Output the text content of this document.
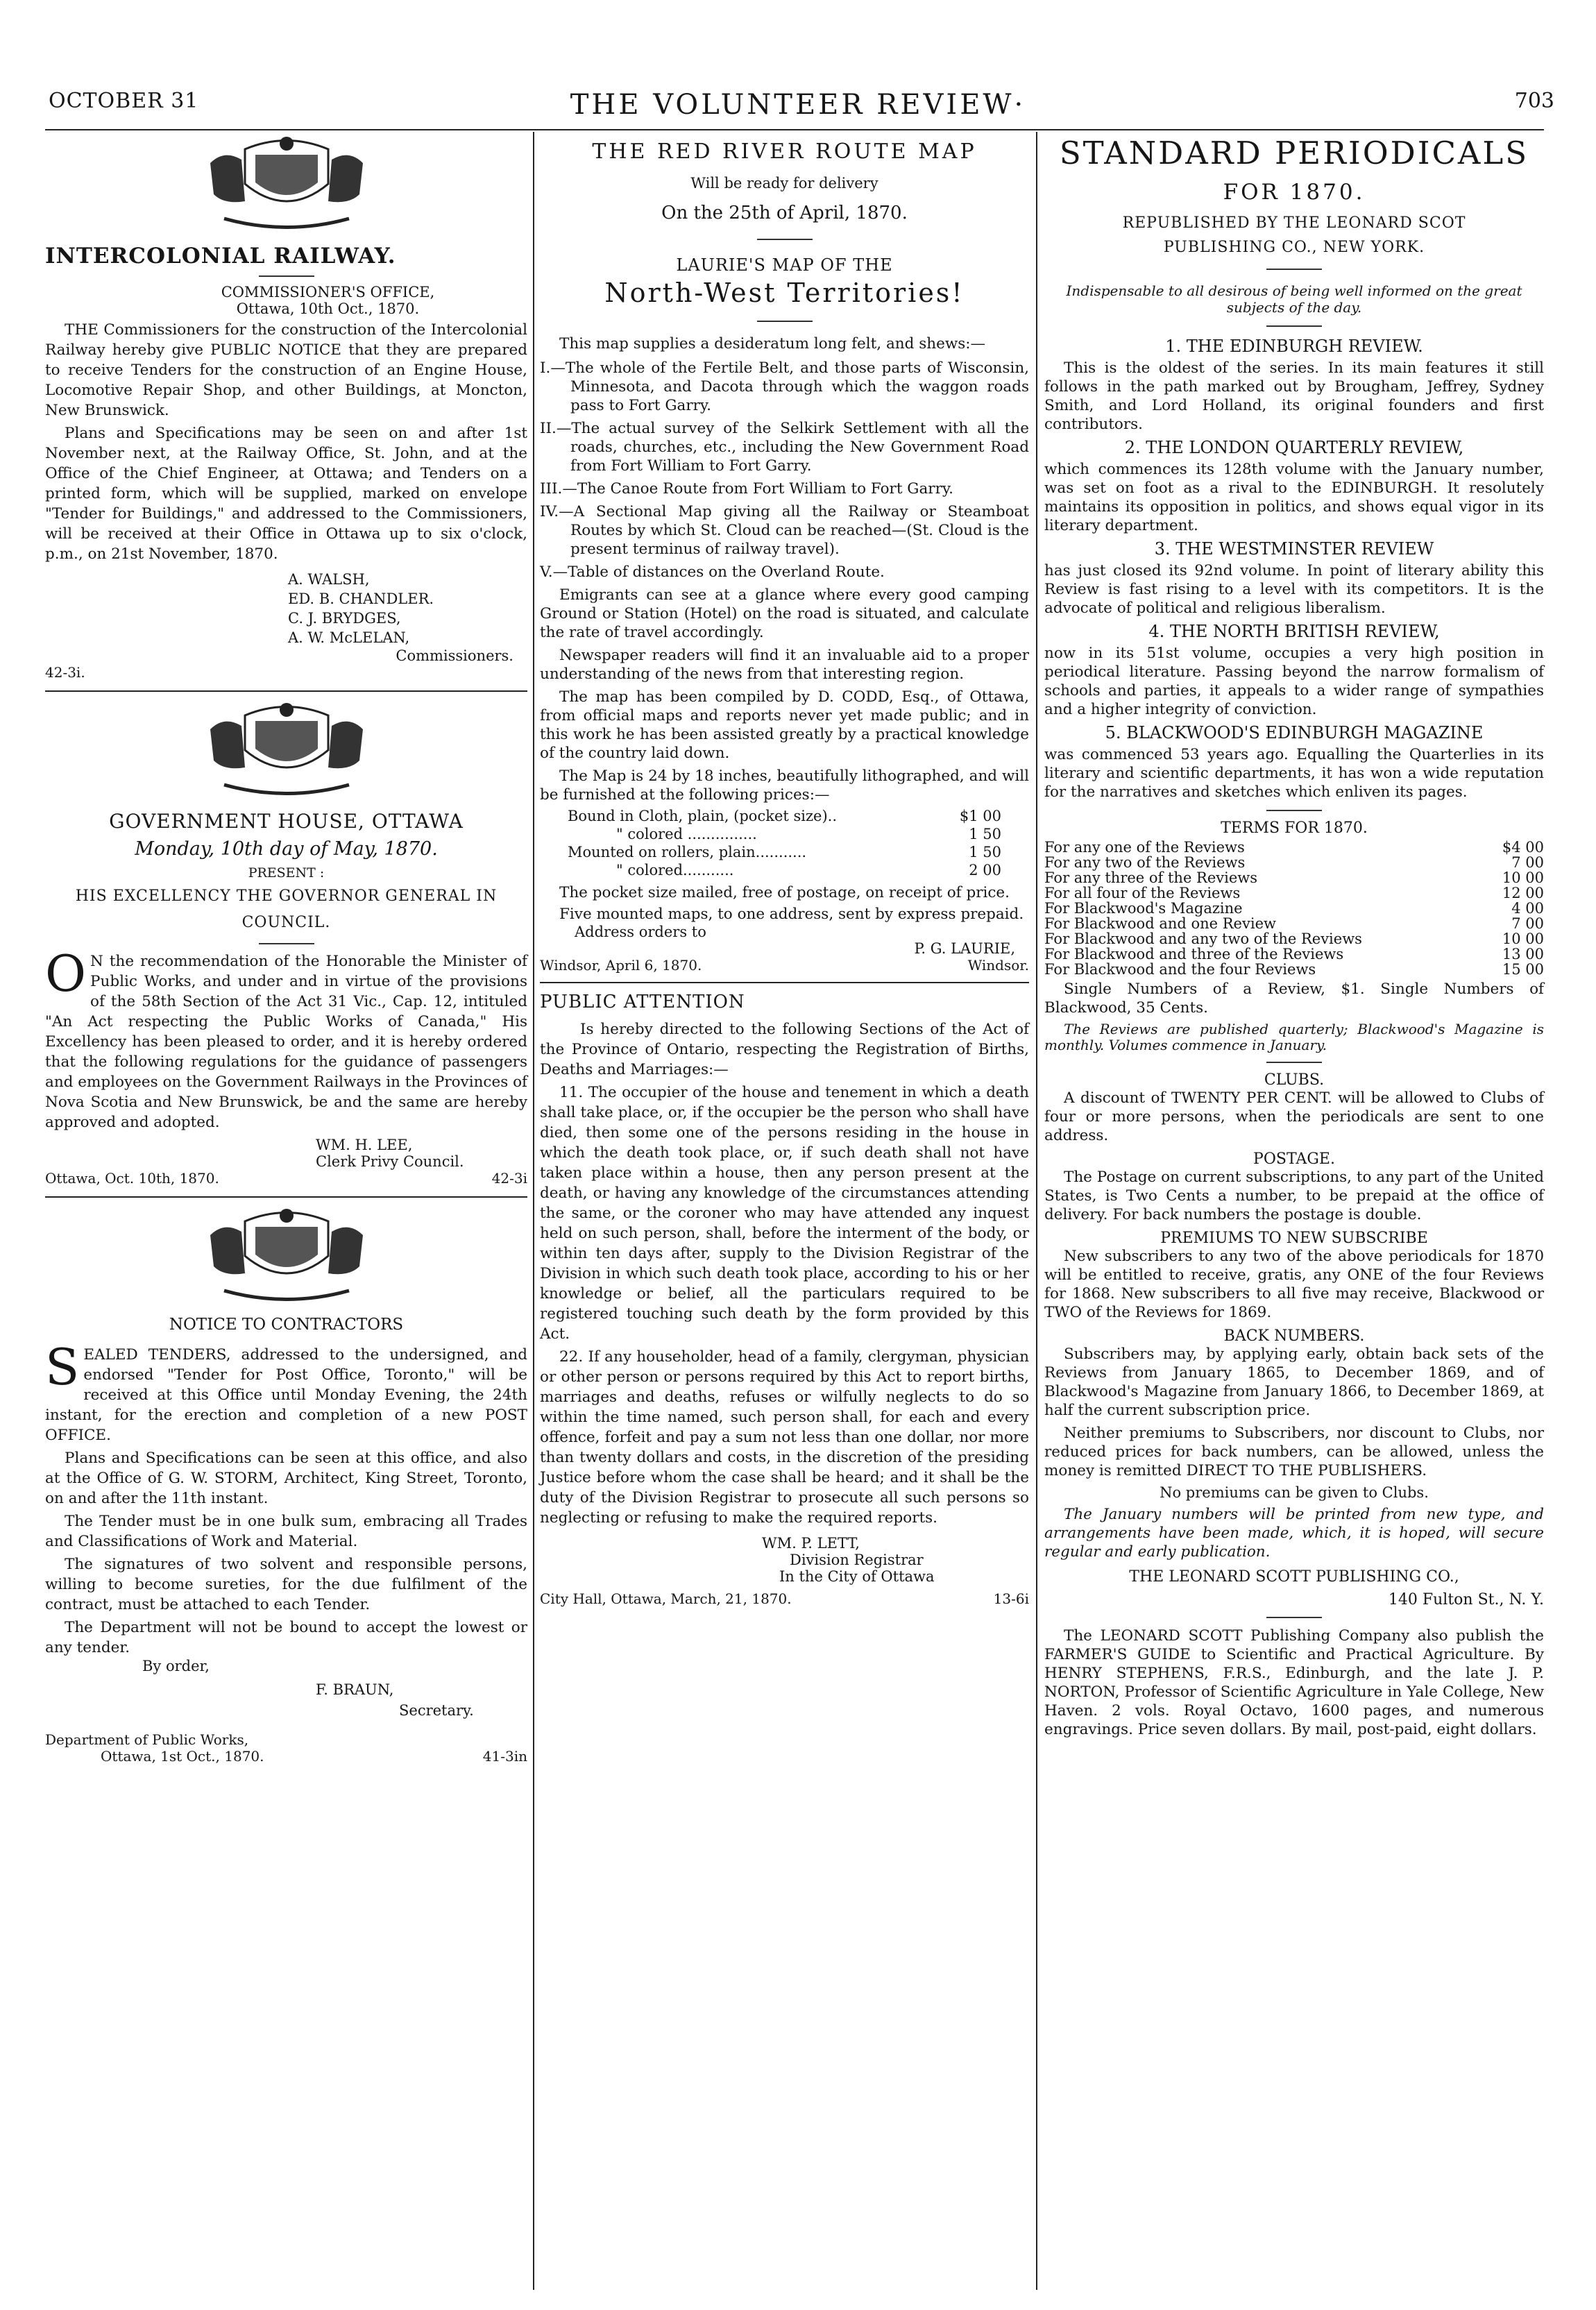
OCTOBER 31	THE VOLUNTEER REVIEW·	703

INTERCOLONIAL RAILWAY.

COMMISSIONER'S OFFICE,

Ottawa, 10th Oct., 1870.

THE Commissioners for the construction of the Intercolonial Railway hereby give PUBLIC NOTICE that they are prepared to receive Tenders for the construction of an Engine House, Locomotive Repair Shop, and other Buildings, at Moncton, New Brunswick.

Plans and Specifications may be seen on and after 1st November next, at the Railway Office, St. John, and at the Office of the Chief Engineer, at Ottawa; and Tenders on a printed form, which will be supplied, marked on envelope "Tender for Buildings," and addressed to the Commissioners, will be received at their Office in Ottawa up to six o'clock, p.m., on 21st November, 1870.

A. WALSH,

ED. B. CHANDLER.

C. J. BRYDGES,

A. W. McLELAN,

Commissioners.

42-3i.

GOVERNMENT HOUSE, OTTAWA

Monday, 10th day of May, 1870.

PRESENT :

HIS EXCELLENCY THE GOVERNOR GENERAL IN COUNCIL.

O N the recommendation of the Honorable the Minister of Public Works, and under and in virtue of the provisions of the 58th Section of the Act 31 Vic., Cap. 12, intituled "An Act respecting the Public Works of Canada," His Excellency has been pleased to order, and it is hereby ordered that the following regulations for the guidance of passengers and employees on the Government Railways in the Provinces of Nova Scotia and New Brunswick, be and the same are hereby approved and adopted.

WM. H. LEE,

Clerk Privy Council.

Ottawa, Oct. 10th, 1870.	42-3i

NOTICE TO CONTRACTORS

SEALED TENDERS, addressed to the undersigned, and endorsed "Tender for Post Office, Toronto," will be received at this Office until Monday Evening, the 24th instant, for the erection and completion of a new POST OFFICE.

Plans and Specifications can be seen at this office, and also at the Office of G. W. STORM, Architect, King Street, Toronto, on and after the 11th instant.

The Tender must be in one bulk sum, embracing all Trades and Classifications of Work and Material.

The signatures of two solvent and responsible persons, willing to become sureties, for the due fulfilment of the contract, must be attached to each Tender.

The Department will not be bound to accept the lowest or any tender.

By order,

F. BRAUN,

Secretary.

Department of Public Works,

Ottawa, 1st Oct., 1870.	41-3in

THE RED RIVER ROUTE MAP

Will be ready for delivery

On the 25th of April, 1870.

LAURIE'S MAP OF THE

North-West Territories!

This map supplies a desideratum long felt, and shews:—

I.—The whole of the Fertile Belt, and those parts of Wisconsin, Minnesota, and Dacota through which the waggon roads pass to Fort Garry.

II.—The actual survey of the Selkirk Settlement with all the roads, churches, etc., including the New Government Road from Fort William to Fort Garry.

III.—The Canoe Route from Fort William to Fort Garry.

IV.—A Sectional Map giving all the Railway or Steamboat Routes by which St. Cloud can be reached—(St. Cloud is the present terminus of railway travel).

V.—Table of distances on the Overland Route.

Emigrants can see at a glance where every good camping Ground or Station (Hotel) on the road is situated, and calculate the rate of travel accordingly.

Newspaper readers will find it an invaluable aid to a proper understanding of the news from that interesting region.

The map has been compiled by D. CODD, Esq., of Ottawa, from official maps and reports never yet made public; and in this work he has been assisted greatly by a practical knowledge of the country laid down.

The Map is 24 by 18 inches, beautifully lithographed, and will be furnished at the following prices:—

Bound in Cloth, plain, (pocket size)..	$1 00
" colored ...............	1 50
Mounted on rollers, plain...........	1 50
" colored...........	2 00

The pocket size mailed, free of postage, on receipt of price.

Five mounted maps, to one address, sent by express prepaid.

Address orders to

P. G. LAURIE,

Windsor, April 6, 1870.	Windsor.

PUBLIC ATTENTION

Is hereby directed to the following Sections of the Act of the Province of Ontario, respecting the Registration of Births, Deaths and Marriages:—

11. The occupier of the house and tenement in which a death shall take place, or, if the occupier be the person who shall have died, then some one of the persons residing in the house in which the death took place, or, if such death shall not have taken place within a house, then any person present at the death, or having any knowledge of the circumstances attending the same, or the coroner who may have attended any inquest held on such person, shall, before the interment of the body, or within ten days after, supply to the Division Registrar of the Division in which such death took place, according to his or her knowledge or belief, all the particulars required to be registered touching such death by the form provided by this Act.

22. If any householder, head of a family, clergyman, physician or other person or persons required by this Act to report births, marriages and deaths, refuses or wilfully neglects to do so within the time named, such person shall, for each and every offence, forfeit and pay a sum not less than one dollar, nor more than twenty dollars and costs, in the discretion of the presiding Justice before whom the case shall be heard; and it shall be the duty of the Division Registrar to prosecute all such persons so neglecting or refusing to make the required reports.

WM. P. LETT,

Division Registrar

In the City of Ottawa

City Hall, Ottawa, March, 21, 1870.	13-6i

STANDARD PERIODICALS

FOR 1870.

REPUBLISHED BY THE LEONARD SCOT

PUBLISHING CO., NEW YORK.

Indispensable to all desirous of being well informed on the great subjects of the day.

1. THE EDINBURGH REVIEW.

This is the oldest of the series. In its main features it still follows in the path marked out by Brougham, Jeffrey, Sydney Smith, and Lord Holland, its original founders and first contributors.

2. THE LONDON QUARTERLY REVIEW,

which commences its 128th volume with the January number, was set on foot as a rival to the EDINBURGH. It resolutely maintains its opposition in politics, and shows equal vigor in its literary department.

3. THE WESTMINSTER REVIEW

has just closed its 92nd volume. In point of literary ability this Review is fast rising to a level with its competitors. It is the advocate of political and religious liberalism.

4. THE NORTH BRITISH REVIEW,

now in its 51st volume, occupies a very high position in periodical literature. Passing beyond the narrow formalism of schools and parties, it appeals to a wider range of sympathies and a higher integrity of conviction.

5. BLACKWOOD'S EDINBURGH MAGAZINE

was commenced 53 years ago. Equalling the Quarterlies in its literary and scientific departments, it has won a wide reputation for the narratives and sketches which enliven its pages.

TERMS FOR 1870.

For any one of the Reviews	$4 00
For any two of the Reviews	7 00
For any three of the Reviews	10 00
For all four of the Reviews	12 00
For Blackwood's Magazine	4 00
For Blackwood and one Review	7 00
For Blackwood and any two of the Reviews	10 00
For Blackwood and three of the Reviews	13 00
For Blackwood and the four Reviews	15 00

Single Numbers of a Review, $1. Single Numbers of Blackwood, 35 Cents.

The Reviews are published quarterly; Blackwood's Magazine is monthly. Volumes commence in January.

CLUBS.

A discount of TWENTY PER CENT. will be allowed to Clubs of four or more persons, when the periodicals are sent to one address.

POSTAGE.

The Postage on current subscriptions, to any part of the United States, is Two Cents a number, to be prepaid at the office of delivery. For back numbers the postage is double.

PREMIUMS TO NEW SUBSCRIBE

New subscribers to any two of the above periodicals for 1870 will be entitled to receive, gratis, any ONE of the four Reviews for 1868. New subscribers to all five may receive, Blackwood or TWO of the Reviews for 1869.

BACK NUMBERS.

Subscribers may, by applying early, obtain back sets of the Reviews from January 1865, to December 1869, and of Blackwood's Magazine from January 1866, to December 1869, at half the current subscription price.

Neither premiums to Subscribers, nor discount to Clubs, nor reduced prices for back numbers, can be allowed, unless the money is remitted DIRECT TO THE PUBLISHERS.

No premiums can be given to Clubs.

The January numbers will be printed from new type, and arrangements have been made, which, it is hoped, will secure regular and early publication.

THE LEONARD SCOTT PUBLISHING CO.,

140 Fulton St., N. Y.

The LEONARD SCOTT Publishing Company also publish the FARMER'S GUIDE to Scientific and Practical Agriculture. By HENRY STEPHENS, F.R.S., Edinburgh, and the late J. P. NORTON, Professor of Scientific Agriculture in Yale College, New Haven. 2 vols. Royal Octavo, 1600 pages, and numerous engravings. Price seven dollars. By mail, post-paid, eight dollars.
